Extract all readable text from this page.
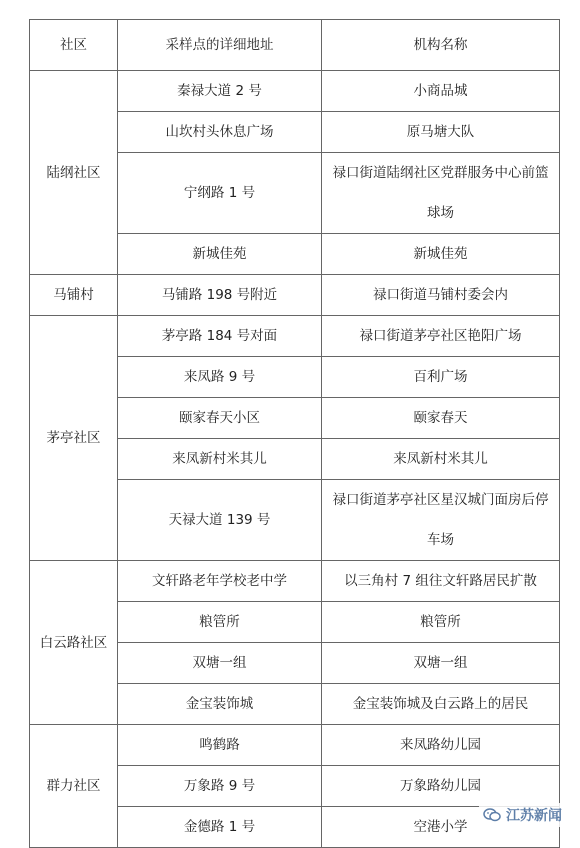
社区	采样点的详细地址	机构名称
陆纲社区	秦禄大道 2 号	小商品城

	山坎村头休息广场	原马塘大队

	宁纲路 1 号	禄口街道陆纲社区党群服务中心前篮
球场

	新城佳苑	新城佳苑

马铺村	马铺路 198 号附近	禄口街道马铺村委会内

茅亭社区	茅亭路 184 号对面	禄口街道茅亭社区艳阳广场

	来凤路 9 号	百利广场

	颐家春天小区	颐家春天

	来凤新村米其儿	来凤新村米其儿

	天禄大道 139 号	禄口街道茅亭社区星汉城门面房后停
车场

白云路社区	文轩路老年学校老中学	以三角村 7 组往文轩路居民扩散

	粮管所	粮管所

	双塘一组	双塘一组

	金宝装饰城	金宝装饰城及白云路上的居民

群力社区	鸣鹤路	来凤路幼儿园

	万象路 9 号	万象路幼儿园

	金德路 1 号	空港小学
江苏新闻
